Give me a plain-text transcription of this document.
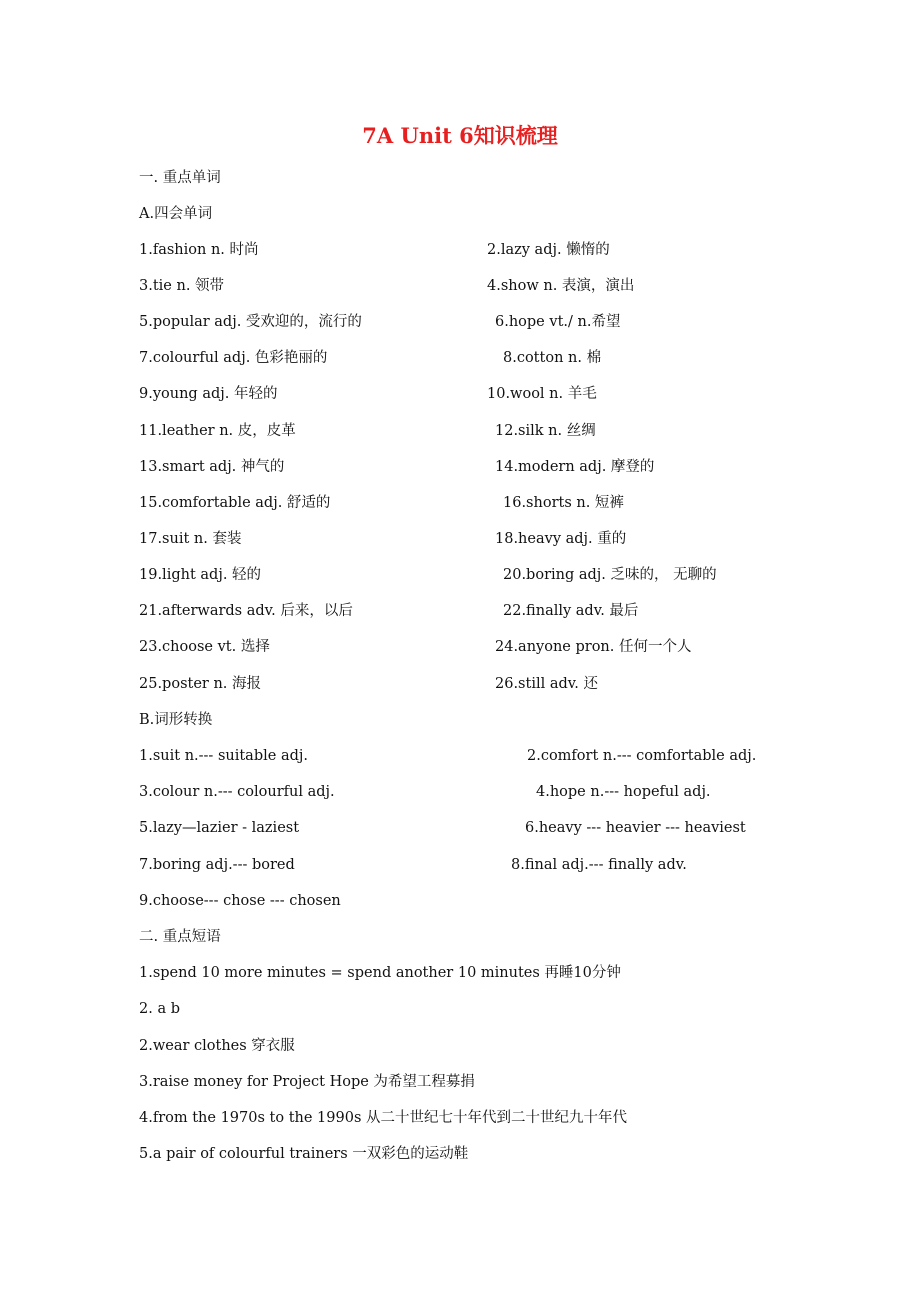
7A Unit 6知识梳理
一. 重点单词
A.四会单词
1.fashion n. 时尚	2.lazy adj. 懒惰的
3.tie n. 领带	4.show n. 表演，演出
5.popular adj. 受欢迎的，流行的	6.hope vt./ n.希望
7.colourful adj. 色彩艳丽的	8.cotton n. 棉
9.young adj. 年轻的	10.wool n. 羊毛
11.leather n. 皮，皮革	12.silk n. 丝绸
13.smart adj. 神气的	14.modern adj. 摩登的
15.comfortable adj. 舒适的	16.shorts n. 短裤
17.suit n. 套装	18.heavy adj. 重的
19.light adj. 轻的	20.boring adj. 乏味的， 无聊的
21.afterwards adv. 后来，以后	22.finally adv. 最后
23.choose vt. 选择	24.anyone pron. 任何一个人
25.poster n. 海报	26.still adv. 还
B.词形转换
1.suit n.--- suitable adj.	2.comfort n.--- comfortable adj.
3.colour n.--- colourful adj.	4.hope n.--- hopeful adj.
5.lazy—lazier - laziest	6.heavy --- heavier --- heaviest
7.boring adj.--- bored	8.final adj.--- finally adv.
9.choose--- chose --- chosen
二. 重点短语
1.spend 10 more minutes = spend another 10 minutes 再睡10分钟
2. a b
2.wear clothes 穿衣服
3.raise money for Project Hope 为希望工程募捐
4.from the 1970s to the 1990s 从二十世纪七十年代到二十世纪九十年代
5.a pair of colourful trainers 一双彩色的运动鞋
